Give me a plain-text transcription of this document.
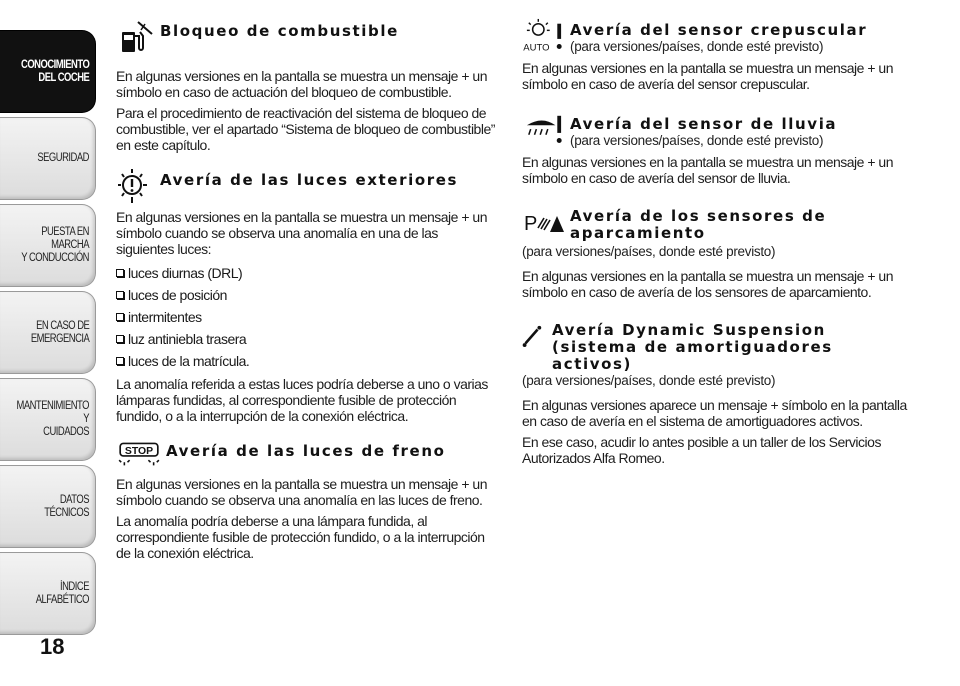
CONOCIMIENTO
DEL COCHE
SEGURIDAD
PUESTA EN MARCHA
Y CONDUCCIÓN
EN CASO DE
EMERGENCIA
MANTENIMIENTO Y
CUIDADOS
DATOS TÉCNICOS
ÍNDICE ALFABÉTICO
18
Bloqueo de combustible

En algunas versiones en la pantalla se muestra un mensaje + un símbolo en caso de actuación del bloqueo de combustible.

Para el procedimiento de reactivación del sistema de bloqueo de combustible, ver el apartado “Sistema de bloqueo de combustible” en este capítulo.

Avería de las luces exteriores

En algunas versiones en la pantalla se muestra un mensaje + un símbolo cuando se observa una anomalía en una de las siguientes luces:

luces diurnas (DRL)
luces de posición
intermitentes
luz antiniebla trasera
luces de la matrícula.

La anomalía referida a estas luces podría deberse a uno o varias lámparas fundidas, al correspondiente fusible de protección fundido, o a la interrupción de la conexión eléctrica.

STOP Avería de las luces de freno

En algunas versiones en la pantalla se muestra un mensaje + un símbolo cuando se observa una anomalía en las luces de freno.

La anomalía podría deberse a una lámpara fundida, al correspondiente fusible de protección fundido, o a la interrupción de la conexión eléctrica.

AUTO
Avería del sensor crepuscular
(para versiones/países, donde esté previsto)

En algunas versiones en la pantalla se muestra un mensaje + un símbolo en caso de avería del sensor crepuscular.

Avería del sensor de lluvia
(para versiones/países, donde esté previsto)

En algunas versiones en la pantalla se muestra un mensaje + un símbolo en caso de avería del sensor de lluvia.

P Avería de los sensores de aparcamiento
(para versiones/países, donde esté previsto)

En algunas versiones en la pantalla se muestra un mensaje + un símbolo en caso de avería de los sensores de aparcamiento.

Avería Dynamic Suspension (sistema de amortiguadores activos)
(para versiones/países, donde esté previsto)

En algunas versiones aparece un mensaje + símbolo en la pantalla en caso de avería en el sistema de amortiguadores activos.

En ese caso, acudir lo antes posible a un taller de los Servicios Autorizados Alfa Romeo.
